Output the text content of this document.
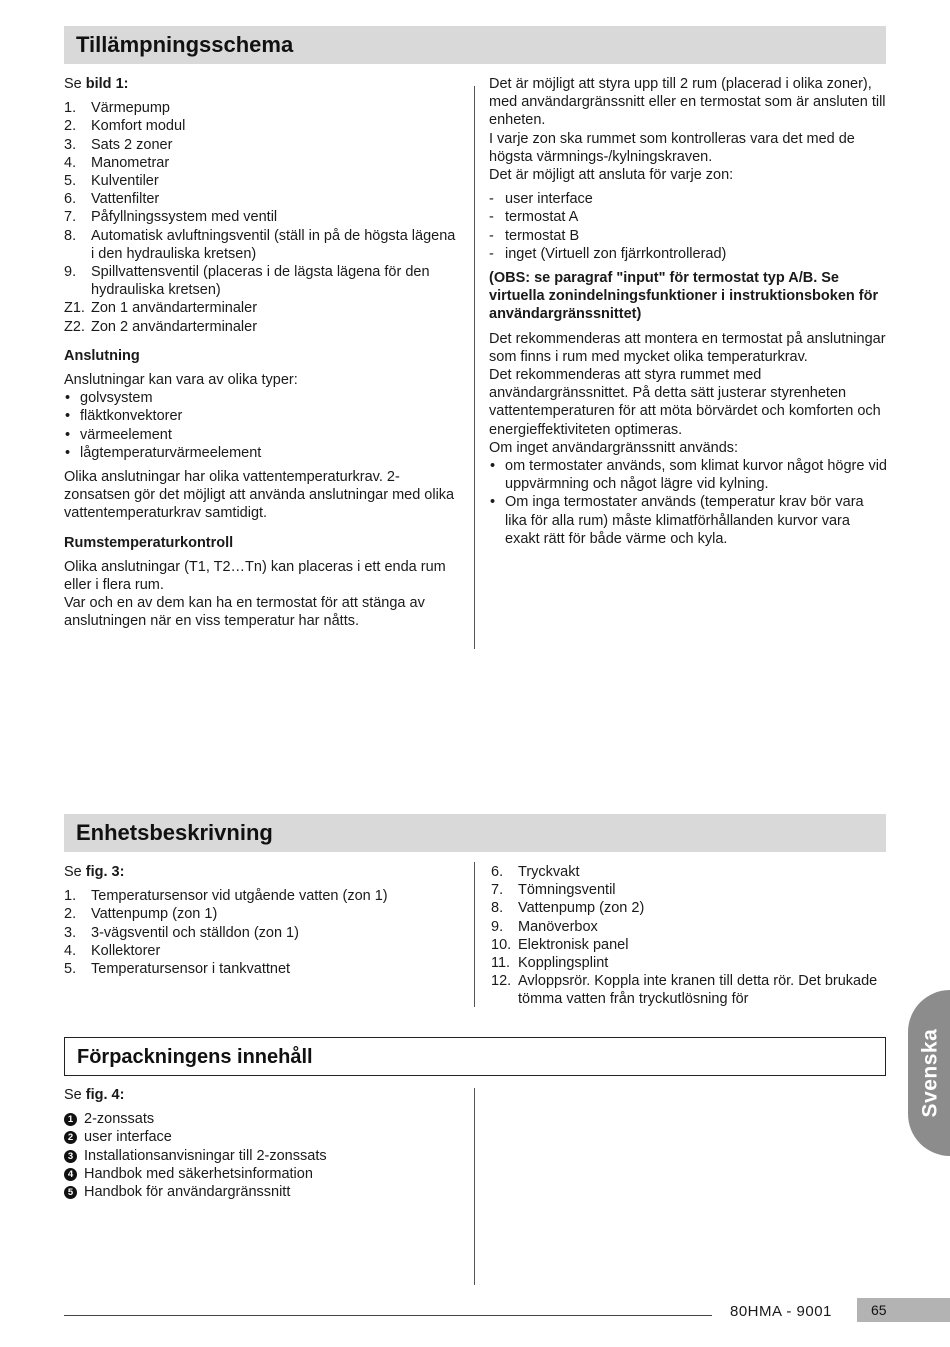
Tillämpningsschema

Se bild 1:

1. Värmepump
2. Komfort modul
3. Sats 2 zoner
4. Manometrar
5. Kulventiler
6. Vattenfilter
7. Påfyllningssystem med ventil
8. Automatisk avluftningsventil (ställ in på de högsta lägena i den hydrauliska kretsen)
9. Spillvattensventil (placeras i de lägsta lägena för den hydrauliska kretsen)
Z1. Zon 1 användarterminaler
Z2. Zon 2 användarterminaler

Anslutning

Anslutningar kan vara av olika typer:

• golvsystem
• fläktkonvektorer
• värmeelement
• lågtemperaturvärmeelement

Olika anslutningar har olika vattentemperaturkrav. 2-zonsatsen gör det möjligt att använda anslutningar med olika vattentemperaturkrav samtidigt.

Rumstemperaturkontroll

Olika anslutningar (T1, T2…Tn) kan placeras i ett enda rum eller i flera rum.

Var och en av dem kan ha en termostat för att stänga av anslutningen när en viss temperatur har nåtts.

Det är möjligt att styra upp till 2 rum (placerad i olika zoner), med användargränssnitt eller en termostat som är ansluten till enheten.

I varje zon ska rummet som kontrolleras vara det med de högsta värmnings-/kylningskraven.

Det är möjligt att ansluta för varje zon:

- user interface
- termostat A
- termostat B
- inget (Virtuell zon fjärrkontrollerad)

(OBS: se paragraf "input" för termostat typ A/B. Se virtuella zonindelningsfunktioner i instruktionsboken för användargränssnittet)

Det rekommenderas att montera en termostat på anslutningar som finns i rum med mycket olika temperaturkrav.

Det rekommenderas att styra rummet med användargränssnittet. På detta sätt justerar styrenheten vattentemperaturen för att möta börvärdet och komforten och energieffektiviteten optimeras.

Om inget användargränssnitt används:

• om termostater används, som klimat kurvor något högre vid uppvärmning och något lägre vid kylning.
• Om inga termostater används (temperatur krav bör vara lika för alla rum) måste klimatförhållanden kurvor vara exakt rätt för både värme och kyla.
Enhetsbeskrivning

Se fig. 3:

1. Temperatursensor vid utgående vatten (zon 1)
2. Vattenpump (zon 1)
3. 3-vägsventil och ställdon (zon 1)
4. Kollektorer
5. Temperatursensor i tankvattnet
6. Tryckvakt
7. Tömningsventil
8. Vattenpump (zon 2)
9. Manöverbox
10. Elektronisk panel
11. Kopplingsplint
12. Avloppsrör. Koppla inte kranen till detta rör. Det brukade tömma vatten från tryckutlösning för
Förpackningens innehåll

Se fig. 4:

1 2-zonssats
2 user interface
3 Installationsanvisningar till 2-zonssats
4 Handbok med säkerhetsinformation
5 Handbok för användargränssnitt
Svenska
80HMA - 9001	65
